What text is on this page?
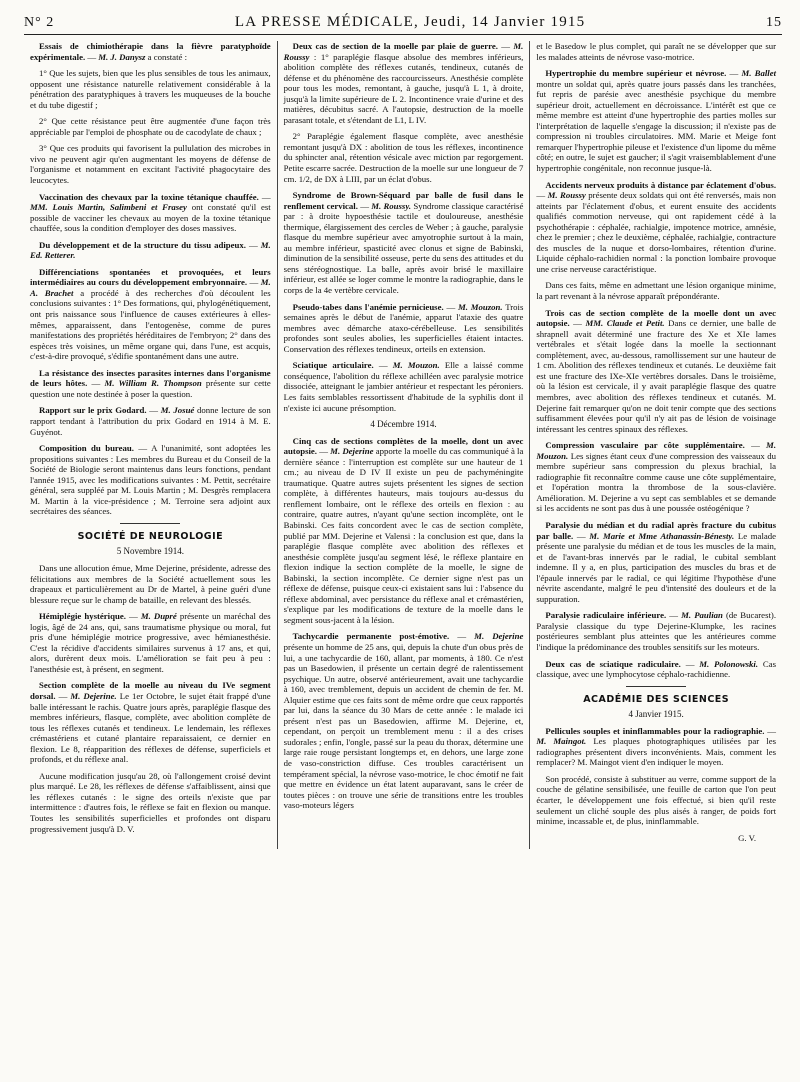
N° 2	LA PRESSE MÉDICALE, Jeudi, 14 Janvier 1915	15

Essais de chimiothérapie dans la fièvre paratyphoïde expérimentale. — M. J. Danysz a constaté :

1° Que les sujets, bien que les plus sensibles de tous les animaux, opposent une résistance naturelle relativement considérable à la pénétration des paratyphiques à travers les muqueuses de la bouche et du tube digestif ;

2° Que cette résistance peut être augmentée d'une façon très appréciable par l'emploi de phosphate ou de cacodylate de chaux ;

3° Que ces produits qui favorisent la pullulation des microbes in vivo ne peuvent agir qu'en augmentant les moyens de défense de l'organisme et notamment en excitant l'activité phagocytaire des leucocytes.

Vaccination des chevaux par la toxine tétanique chauffée. — MM. Louis Martin, Salimbeni et Frasey ont constaté qu'il est possible de vacciner les chevaux au moyen de la toxine tétanique chauffée, sous la condition d'employer des doses massives.

Du développement et de la structure du tissu adipeux. — M. Ed. Retterer.

Différenciations spontanées et provoquées, et leurs intermédiaires au cours du développement embryonnaire. — M. A. Brachet a procédé à des recherches d'où découlent les conclusions suivantes : 1° Des formations, qui, phylogénétiquement, ont pris naissance sous l'influence de causes extérieures à elles-mêmes, apparaissent, dans l'entogenèse, comme de pures manifestations des propriétés héréditaires de l'embryon; 2° dans des espèces très voisines, un même organe qui, dans l'une, est acquis, c'est-à-dire provoqué, s'édifie spontanément dans une autre.

La résistance des insectes parasites internes dans l'organisme de leurs hôtes. — M. William R. Thompson présente sur cette question une note destinée à poser la question.

Rapport sur le prix Godard. — M. Josué donne lecture de son rapport tendant à l'attribution du prix Godard en 1914 à M. E. Guyénot.

Composition du bureau. — A l'unanimité, sont adoptées les propositions suivantes : Les membres du Bureau et du Conseil de la Société de Biologie seront maintenus dans leurs fonctions, pendant l'année 1915, avec les modifications suivantes : M. Pettit, secrétaire général, sera suppléé par M. Louis Martin ; M. Desgrès remplacera M. Martin à la vice-présidence ; M. Terroine sera adjoint aux secrétaires des séances.

SOCIÉTÉ DE NEUROLOGIE
5 Novembre 1914.

Dans une allocution émue, Mme Dejerine, présidente, adresse des félicitations aux membres de la Société actuellement sous les drapeaux et particulièrement au Dr de Martel, à peine guéri d'une blessure reçue sur le champ de bataille, en relevant des blessés.

Hémiplégie hystérique. — M. Dupré présente un maréchal des logis, âgé de 24 ans, qui, sans traumatisme physique ou moral, fut pris d'une hémiplégie motrice progressive, avec hémianesthésie. C'est la récidive d'accidents similaires survenus à 17 ans, et qui, alors, durèrent deux mois. L'amélioration se fait peu à peu : l'anesthésie est, à présent, en segment.

Section complète de la moelle au niveau du IVe segment dorsal. — M. Dejerine. Le 1er Octobre, le sujet était frappé d'une balle intéressant le rachis. Quatre jours après, paraplégie flasque des membres inférieurs, flasque, complète, avec abolition complète de tous les réflexes cutanés et tendineux. Le lendemain, les réflexes crémastériens et cutané plantaire reparaissaient, ce dernier en flexion. Le 8, réapparition des réflexes de défense, superficiels et profonds, et du réflexe anal.

Aucune modification jusqu'au 28, où l'allongement croisé devint plus marqué. Le 28, les réflexes de défense s'affaiblissent, ainsi que les réflexes cutanés : le signe des orteils n'existe que par intermittence : d'autres fois, le réflexe se fait en flexion ou manque. Toutes les sensibilités superficielles et profondes ont disparu progressivement jusqu'à D. V.

Deux cas de section de la moelle par plaie de guerre. — M. Roussy : 1° paraplégie flasque absolue des membres inférieurs, abolition complète des réflexes cutanés, tendineux, cutanés de défense et du phénomène des raccourcisseurs. Anesthésie complète pour tous les modes, remontant, à gauche, jusqu'à L 1, à droite, jusqu'à la limite supérieure de L 2. Incontinence vraie d'urine et des matières, décubitus sacré. A l'autopsie, destruction de la moelle parasant totale, et s'étendant de L1, L IV.

2° Paraplégie également flasque complète, avec anesthésie remontant jusqu'à DX : abolition de tous les réflexes, incontinence du sphincter anal, rétention vésicale avec miction par regorgement. Petite escarre sacrée. Destruction de la moelle sur une longueur de 7 cm. 1/2, de DX à LIII, par un éclat d'obus.

Syndrome de Brown-Séquard par balle de fusil dans le renflement cervical. — M. Roussy. Syndrome classique caractérisé par : à droite hypoesthésie tactile et douloureuse, anesthésie thermique, élargissement des cercles de Weber ; à gauche, paralysie flasque du membre supérieur avec amyotrophie surtout à la main, au membre inférieur, spasticité avec clonus et signe de Babinski, diminution de la sensibilité osseuse, perte du sens des attitudes et du sens stéréognostique. La balle, après avoir brisé le maxillaire inférieur, est allée se loger comme le montre la radiographie, dans le corps de la 4e vertèbre cervicale.

Pseudo-tabes dans l'anémie pernicieuse. — M. Mouzon. Trois semaines après le début de l'anémie, apparut l'ataxie des quatre membres avec démarche ataxo-cérébelleuse. Les sensibilités profondes sont seules abolies, les superficielles étaient intactes. Conservation des réflexes tendineux, orteils en extension.

Sciatique articulaire. — M. Mouzon. Elle a laissé comme conséquence, l'abolition du réflexe achilléen avec paralysie motrice dissociée, atteignant le jambier antérieur et respectant les péroniers. Les faits semblables ressortissent d'habitude de la syphilis dont il n'existe ici aucune présomption.

4 Décembre 1914.

Cinq cas de sections complètes de la moelle, dont un avec autopsie. — M. Dejerine apporte la moelle du cas communiqué à la dernière séance : l'interruption est complète sur une hauteur de 1 cm.; au niveau de D IV II existe un peu de pachyméningite traumatique. Quatre autres sujets présentent les signes de section complète, à différentes hauteurs, mais toujours au-dessus du renflement lombaire, ont le réflexe des orteils en flexion : au contraire, quatre autres, n'ayant qu'une section incomplète, ont le Babinski. Ces faits concordent avec le cas de section complète, publié par MM. Dejerine et Valensi : la conclusion est que, dans la paraplégie flasque complète avec abolition des réflexes et anesthésie complète jusqu'au segment lésé, le réflexe plantaire en flexion indique la section complète de la moelle, le signe de Babinski, la section incomplète. Ce dernier signe n'est pas un réflexe de défense, puisque ceux-ci existaient sans lui : l'absence du réflexe abdominal, avec persistance du réflexe anal et crémastérien, s'explique par les modifications de texture de la moelle dans le segment sous-jacent à la lésion.

Tachycardie permanente post-émotive. — M. Dejerine présente un homme de 25 ans, qui, depuis la chute d'un obus près de lui, a une tachycardie de 160, allant, par moments, à 180. Ce n'est pas un Basedowien, il présente un certain degré de ralentissement psychique. Un autre, observé antérieurement, avait une tachycardie à 160, avec tremblement, depuis un accident de chemin de fer. M. Alquier estime que ces faits sont de même ordre que ceux rapportés par lui, dans la séance du 30 Mars de cette année : le malade ici présent n'est pas un Basedowien, affirme M. Dejerine, et, cependant, on perçoit un tremblement menu : il a des crises sudorales ; enfin, l'ongle, passé sur la peau du thorax, détermine une large raie rouge persistant longtemps et, en dehors, une large zone de vaso-constriction diffuse. Ces troubles caractérisent un tempérament spécial, la névrose vaso-motrice, le choc émotif ne fait que mettre en évidence un état latent auparavant, sans le créer de toutes pièces : on trouve une série de transitions entre les troubles vaso-moteurs légers

et le Basedow le plus complet, qui paraît ne se développer que sur les malades atteints de névrose vaso-motrice.

Hypertrophie du membre supérieur et névrose. — M. Ballet montre un soldat qui, après quatre jours passés dans les tranchées, fut repris de parésie avec anesthésie psychique du membre supérieur droit, actuellement en décroissance. L'intérêt est que ce même membre est atteint d'une hypertrophie des parties molles sur l'interprétation de laquelle s'engage la discussion; il n'existe pas de compression ni troubles circulatoires. MM. Marie et Meige font remarquer l'hypertrophie pileuse et l'existence d'un lipome du même côté; en outre, le sujet est gaucher; il s'agit vraisemblablement d'une hypertrophie congénitale, non reconnue jusque-là.

Accidents nerveux produits à distance par éclatement d'obus. — M. Roussy présente deux soldats qui ont été renversés, mais non atteints par l'éclatement d'obus, et eurent ensuite des accidents qualifiés commotion nerveuse, qui ont rapidement cédé à la psychothérapie : céphalée, rachialgie, impotence motrice, amnésie, chez le premier ; chez le deuxième, céphalée, rachialgie, contracture des muscles de la nuque et dorso-lombaires, rétention d'urine. Liquide céphalo-rachidien normal : la ponction lombaire provoque une crise nerveuse caractéristique.

Dans ces faits, même en admettant une lésion organique minime, la part revenant à la névrose apparaît prépondérante.

Trois cas de section complète de la moelle dont un avec autopsie. — MM. Claude et Petit. Dans ce dernier, une balle de shrapnell avait déterminé une fracture des Xe et XIe lames vertébrales et s'était logée dans la moelle la sectionnant complètement, avec, au-dessous, ramollissement sur une hauteur de 1 cm. Abolition des réflexes tendineux et cutanés. Le deuxième fait est une fracture des IXe-XIe vertèbres dorsales. Dans le troisième, où la lésion est cervicale, il y avait paraplégie flasque des quatre membres, avec abolition des réflexes tendineux et cutanés. M. Dejerine fait remarquer qu'on ne doit tenir compte que des sections suffisamment élevées pour qu'il n'y ait pas de lésion de voisinage intéressant les centres spinaux des réflexes.

Compression vasculaire par côte supplémentaire. — M. Mouzon. Les signes étant ceux d'une compression des vaisseaux du membre supérieur sans compression du plexus brachial, la radiographie fit reconnaître comme cause une côte supplémentaire, et l'opération montra la thrombose de la sous-clavière. Amélioration. M. Dejerine a vu sept cas semblables et se demande si les accidents ne sont pas dus à une poussée ostéogénique ?

Paralysie du médian et du radial après fracture du cubitus par balle. — M. Marie et Mme Athanassin-Bénesty. Le malade présente une paralysie du médian et de tous les muscles de la main, et de l'avant-bras innervés par le radial, le cubital semblant indemne. Il y a, en plus, participation des muscles du bras et de l'épaule innervés par le radial, ce qui légitime l'hypothèse d'une névrite ascendante, malgré le peu d'intensité des douleurs et de la suppuration.

Paralysie radiculaire inférieure. — M. Paulian (de Bucarest). Paralysie classique du type Dejerine-Klumpke, les racines postérieures semblant plus atteintes que les antérieures comme l'indique la prédominance des troubles sensitifs sur les moteurs.

Deux cas de sciatique radiculaire. — M. Polonowski. Cas classique, avec une lymphocytose céphalo-rachidienne.

ACADÉMIE DES SCIENCES
4 Janvier 1915.

Pellicules souples et ininflammables pour la radiographie. — M. Maingot. Les plaques photographiques utilisées par les radiographes présentent divers inconvénients. Mais, comment les remplacer? M. Maingot vient d'en indiquer le moyen.

Son procédé, consiste à substituer au verre, comme support de la couche de gélatine sensibilisée, une feuille de carton que l'on peut écarter, le développement une fois effectué, si bien qu'il reste seulement un cliché souple des plus aisés à ranger, de poids fort minime, incassable et, de plus, ininflammable.

G. V.
